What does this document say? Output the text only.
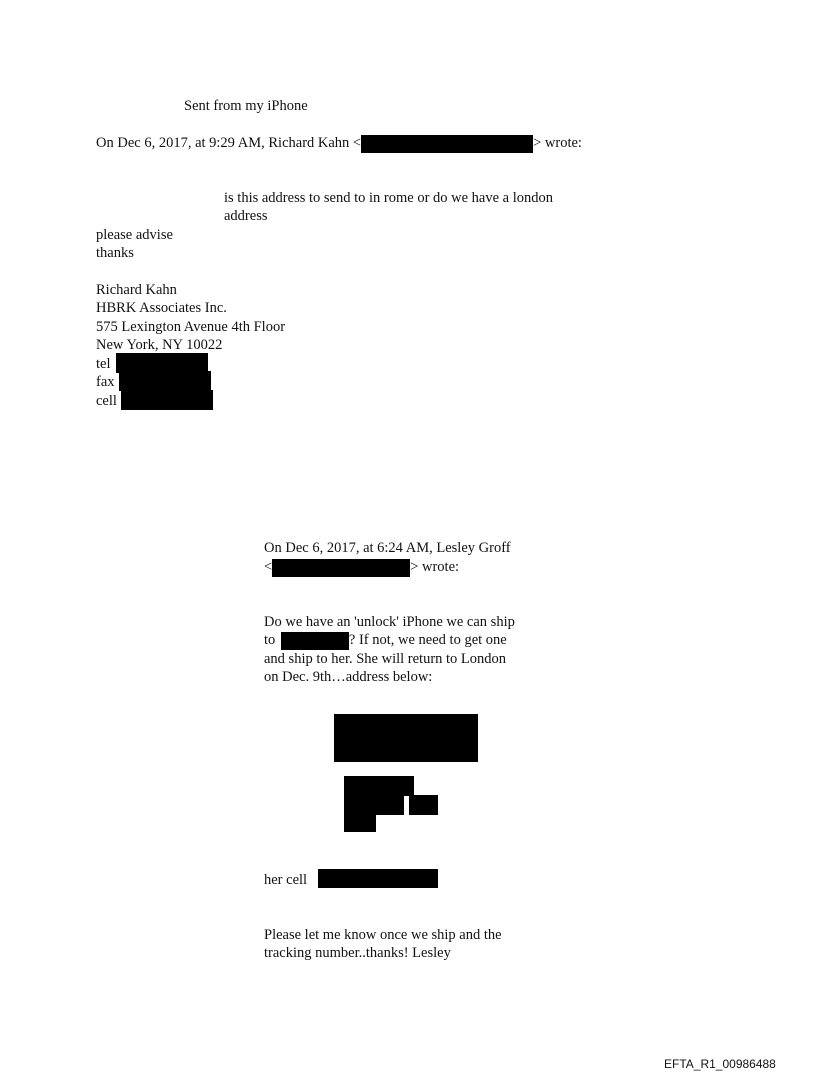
Sent from my iPhone
On Dec 6, 2017, at 9:29 AM, Richard Kahn <	> wrote:
is this address to send to in rome or do we have a london
address
please advise
thanks
Richard Kahn
HBRK Associates Inc.
575 Lexington Avenue 4th Floor
New York, NY 10022
tel
fax
cell
On Dec 6, 2017, at 6:24 AM, Lesley Groff
<	> wrote:
Do we have an 'unlock' iPhone we can ship
to	? If not, we need to get one
and ship to her. She will return to London
on Dec. 9th…address below:
her cell
Please let me know once we ship and the
tracking number..thanks! Lesley
EFTA_R1_00986488
